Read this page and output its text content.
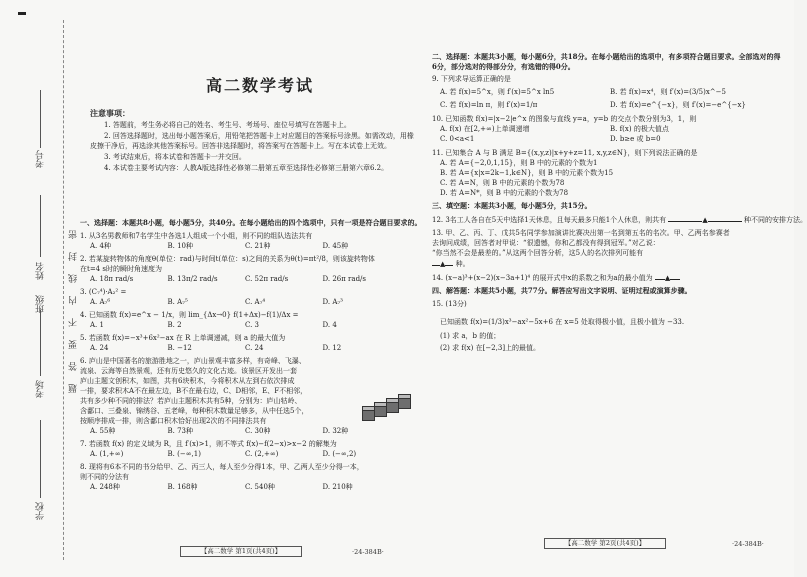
考号
姓名
班级
考场
学校
密
封
线
内
不
要
答
题
高二数学考试
注意事项：

1. 答题前，考生务必将自己的姓名、考生号、考场号、座位号填写在答题卡上。

2. 回答选择题时，选出每小题答案后，用铅笔把答题卡上对应题目的答案标号涂黑。如需改动，用橡皮擦干净后，再选涂其他答案标号。回答非选择题时，将答案写在答题卡上。写在本试卷上无效。

3. 考试结束后，将本试卷和答题卡一并交回。

4. 本试卷主要考试内容：人教A版选择性必修第二册第五章至选择性必修第三册第六章6.2。

一、选择题：本题共8小题，每小题5分，共40分。在每小题给出的四个选项中，只有一项是符合题目要求的。
1. 从3名男教师和7名学生中各选1人组成一个小组，则不同的组队选法共有
A. 4种	B. 10种	C. 21种	D. 45种
2. 若某旋转物体的角度θ(单位：rad)与时间t(单位：s)之间的关系为θ(t)=πt²/8，则该旋转物体
在t=4 s时的瞬时角速度为
A. 18π rad/s	B. 13π/2 rad/s	C. 52π rad/s	D. 26π rad/s
3. (C₇⁴)·A₂² =
A. A₇⁶	B. A₇⁵	C. A₇⁴	D. A₇³
4. 已知函数 f(x)=e^x − 1/x，则 lim_{Δx→0} f(1+Δx)−f(1)/Δx =
A. 1	B. 2	C. 3	D. 4
5. 若函数 f(x)=−x³+6x²−ax 在 R 上单调递减，则 a 的最大值为
A. 24	B. −12	C. 24	D. 12
6. 庐山是中国著名的旅游胜地之一，庐山景观丰富多样，有奇峰、飞瀑、
流泉、云海等自然景观，还有历史悠久的文化古迹。该景区开发出一套
庐山主题文创积木，如图，共有6块积木，今将积木从左到右依次排成
一排，要求积木A不在最左边，B不在最右边，C、D相邻，E、F不相邻，
共有多少种不同的排法？若庐山主题积木共有5种，分别为：庐山牯岭、
含鄱口、三叠泉、锦绣谷、五老峰，每种积木数量足够多，从中任选5个，
按顺序排成一排，则含鄱口积木恰好出现2次的不同排法共有
A. 55种	B. 73种	C. 30种	D. 32种
7. 若函数 f(x) 的定义域为 R，且 f′(x)>1，则不等式 f(x)−f(2−x)>x−2 的解集为
A. (1,+∞)	B. (−∞,1)	C. (2,+∞)	D. (−∞,2)
8. 现将有6本不同的书分给甲、乙、丙三人，每人至少分得1本，甲、乙两人至少分得一本，
则不同的分法有
A. 248种	B. 168种	C. 540种	D. 210种
【高二数学 第1页(共4页)】	·24-384B·
二、选择题：本题共3小题，每小题6分，共18分。在每小题给出的选项中，有多项符合题目要求。全部选对的得6分，部分选对的得部分分，有选错的得0分。
9. 下列求导运算正确的是
A. 若 f(x)=5^x，则 f′(x)=5^x ln5	B. 若 f(x)=x⁴，则 f′(x)=(3/5)x^−5
C. 若 f(x)=ln π，则 f′(x)=1/π	D. 若 f(x)=e^{−x}，则 f′(x)=−e^{−x}
10. 已知函数 f(x)=|x−2|e^x 的图象与直线 y=a，y=b 的交点个数分别为3，1，则
A. f(x) 在[2,+∞)上单调递增	B. f(x) 的极大值点
C. 0<a<1	D. b≥e 或 b=0
11. 已知集合 A 与 B 满足 B={(x,y,z)|x+y+z=11, x,y,z∈N}，则下列说法正确的是
A. 若 A={−2,0,1,15}，则 B 中的元素的个数为1
B. 若 A={x|x=2k−1,k∈N}，则 B 中的元素个数为15
C. 若 A=N，则 B 中的元素的个数为78
D. 若 A=N*，则 B 中的元素的个数为78
三、填空题：本题共3小题，每小题5分，共15分。
12. 3名工人各自在5天中选择1天休息，且每天最多只能1个人休息，则共有	▲	种不同的安排方法。
13. 甲、乙、丙、丁、戊共5名同学参加演讲比赛决出第一名到第五名的名次。甲、乙两名参赛者
去询问成绩，回答者对甲说：“很遗憾，你和乙都没有得到冠军。”对乙说：
“你当然不会是最差的。”从这两个回答分析，这5人的名次排列可能有
▲ 种。
14. (x−a)³+(x−2)(x−3a+1)⁴ 的展开式中x的系数之和为a的最小值为 ▲
四、解答题：本题共5小题，共77分。解答应写出文字说明、证明过程或演算步骤。
15. (13分)
已知函数 f(x)=(1/3)x³−ax²−5x+6 在 x=5 处取得极小值，且极小值为 −33.
(1) 求 a，b 的值；
(2) 求 f(x) 在[−2,3]上的最值。
【高二数学 第2页(共4页)】	·24-384B·
